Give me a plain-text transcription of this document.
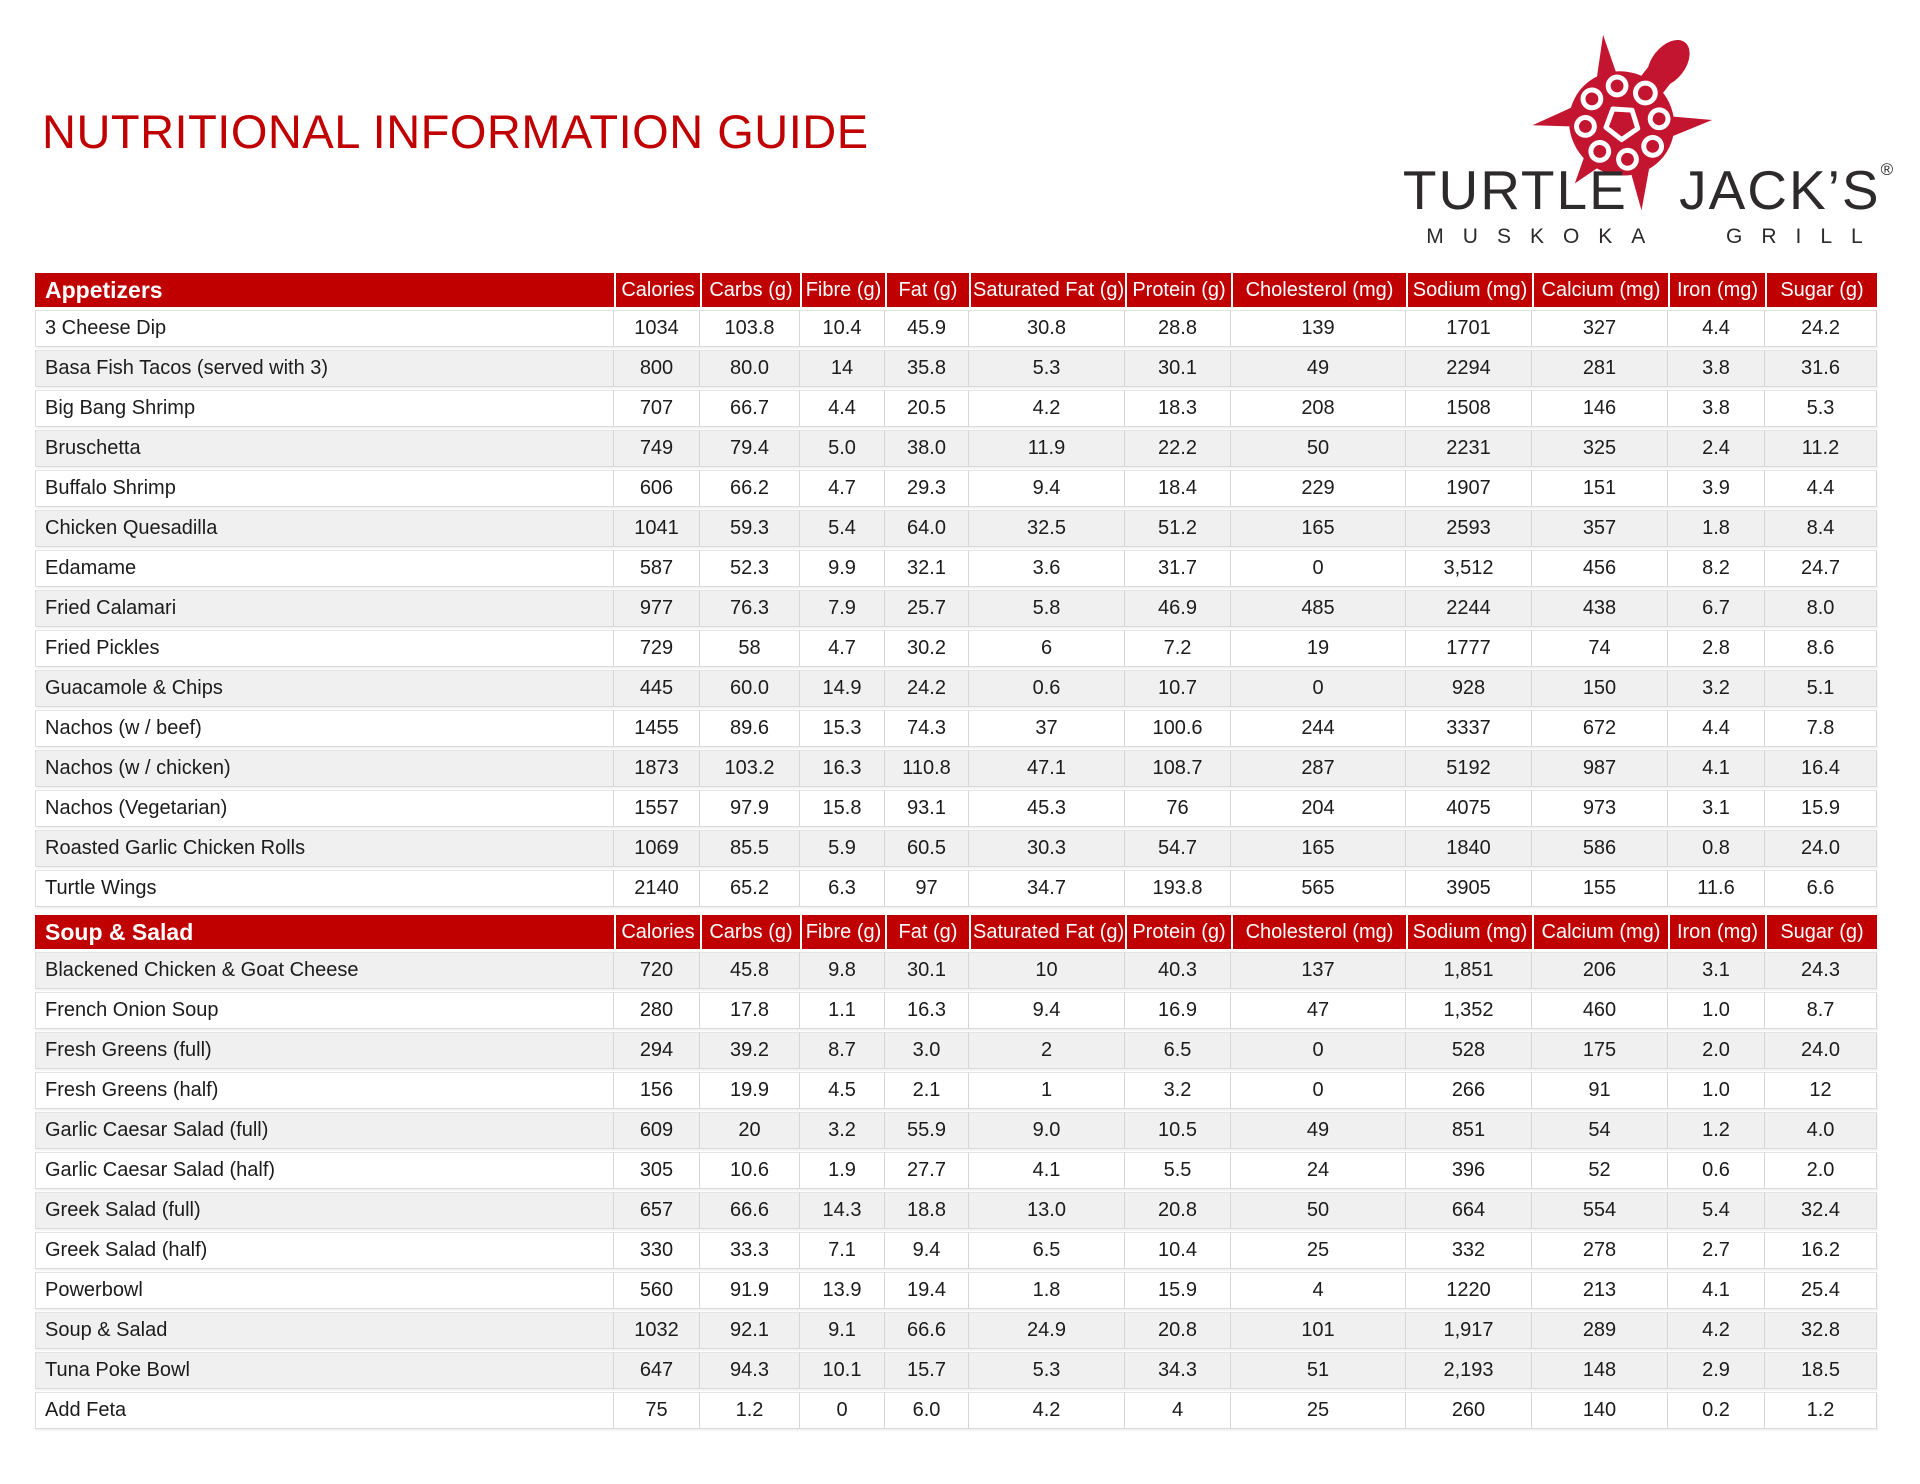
NUTRITIONAL INFORMATION GUIDE
TURTLE JACK’S®
MUSKOKA GRILL
Appetizers	Calories	Carbs (g)	Fibre (g)	Fat (g)	Saturated Fat (g)	Protein (g)	Cholesterol (mg)	Sodium (mg)	Calcium (mg)	Iron (mg)	Sugar (g)
3 Cheese Dip	1034	103.8	10.4	45.9	30.8	28.8	139	1701	327	4.4	24.2
Basa Fish Tacos (served with 3)	800	80.0	14	35.8	5.3	30.1	49	2294	281	3.8	31.6
Big Bang Shrimp	707	66.7	4.4	20.5	4.2	18.3	208	1508	146	3.8	5.3
Bruschetta	749	79.4	5.0	38.0	11.9	22.2	50	2231	325	2.4	11.2
Buffalo Shrimp	606	66.2	4.7	29.3	9.4	18.4	229	1907	151	3.9	4.4
Chicken Quesadilla	1041	59.3	5.4	64.0	32.5	51.2	165	2593	357	1.8	8.4
Edamame	587	52.3	9.9	32.1	3.6	31.7	0	3,512	456	8.2	24.7
Fried Calamari	977	76.3	7.9	25.7	5.8	46.9	485	2244	438	6.7	8.0
Fried Pickles	729	58	4.7	30.2	6	7.2	19	1777	74	2.8	8.6
Guacamole & Chips	445	60.0	14.9	24.2	0.6	10.7	0	928	150	3.2	5.1
Nachos (w / beef)	1455	89.6	15.3	74.3	37	100.6	244	3337	672	4.4	7.8
Nachos (w / chicken)	1873	103.2	16.3	110.8	47.1	108.7	287	5192	987	4.1	16.4
Nachos (Vegetarian)	1557	97.9	15.8	93.1	45.3	76	204	4075	973	3.1	15.9
Roasted Garlic Chicken Rolls	1069	85.5	5.9	60.5	30.3	54.7	165	1840	586	0.8	24.0
Turtle Wings	2140	65.2	6.3	97	34.7	193.8	565	3905	155	11.6	6.6
Soup & Salad	Calories	Carbs (g)	Fibre (g)	Fat (g)	Saturated Fat (g)	Protein (g)	Cholesterol (mg)	Sodium (mg)	Calcium (mg)	Iron (mg)	Sugar (g)
Blackened Chicken & Goat Cheese	720	45.8	9.8	30.1	10	40.3	137	1,851	206	3.1	24.3
French Onion Soup	280	17.8	1.1	16.3	9.4	16.9	47	1,352	460	1.0	8.7
Fresh Greens (full)	294	39.2	8.7	3.0	2	6.5	0	528	175	2.0	24.0
Fresh Greens (half)	156	19.9	4.5	2.1	1	3.2	0	266	91	1.0	12
Garlic Caesar Salad (full)	609	20	3.2	55.9	9.0	10.5	49	851	54	1.2	4.0
Garlic Caesar Salad (half)	305	10.6	1.9	27.7	4.1	5.5	24	396	52	0.6	2.0
Greek Salad (full)	657	66.6	14.3	18.8	13.0	20.8	50	664	554	5.4	32.4
Greek Salad (half)	330	33.3	7.1	9.4	6.5	10.4	25	332	278	2.7	16.2
Powerbowl	560	91.9	13.9	19.4	1.8	15.9	4	1220	213	4.1	25.4
Soup & Salad	1032	92.1	9.1	66.6	24.9	20.8	101	1,917	289	4.2	32.8
Tuna Poke Bowl	647	94.3	10.1	15.7	5.3	34.3	51	2,193	148	2.9	18.5
Add Feta	75	1.2	0	6.0	4.2	4	25	260	140	0.2	1.2
